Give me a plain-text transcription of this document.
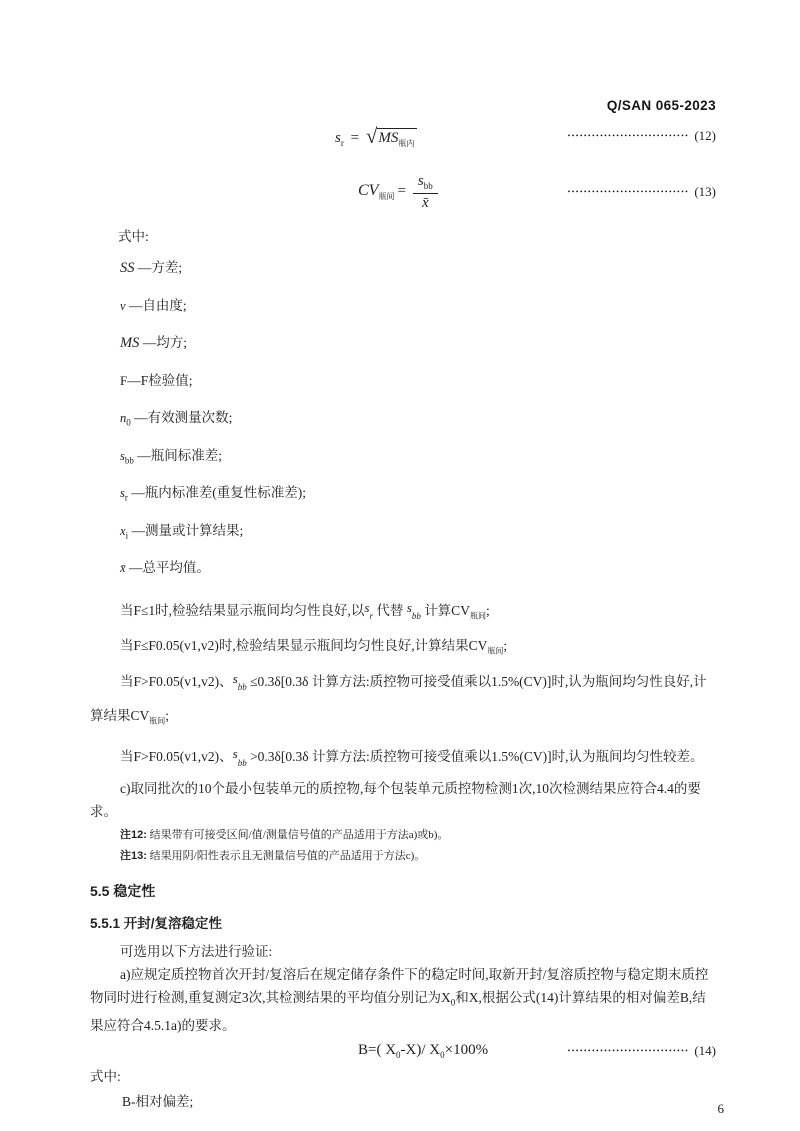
Q/SAN 065-2023
$s_r = √MS_{瓶内}$
•••••••••••••••••••••••••••••• (12)
$CV_{瓶间} = \frac{s_{bb}}{x̄}$	•••••••••••••••••••••••••••••• (13)

式中:

SS —方差;

v —自由度;

MS —均方;

F—F检验值;

$n_0$ —有效测量次数;

$s_{bb}$ —瓶间标准差;

$s_r$ —瓶内标准差(重复性标准差);

$x_i$ —测量或计算结果;

x̄ —总平均值。

当F≤1时,检验结果显示瓶间均匀性良好,以$s_r$ 代替 $s_{bb}$ 计算$CV_{瓶间}$;

当F≤F0.05(v1,v2)时,检验结果显示瓶间均匀性良好,计算结果$CV_{瓶间}$;

当F>F0.05(v1,v2)、$s_{bb} \le 0.3\delta[0.3\delta$ 计算方法:质控物可接受值乘以1.5%(CV)]时,认为瓶间均匀性良好,计算结果$CV_{瓶间}$;

当F>F0.05(v1,v2)、$s_{bb} >0.3\delta[0.3\delta$ 计算方法:质控物可接受值乘以1.5%(CV)]时,认为瓶间均匀性较差。

c)取同批次的10个最小包装单元的质控物,每个包装单元质控物检测1次,10次检测结果应符合4.4的要求。

注12: 结果带有可接受区间/值/测量信号值的产品适用于方法a)或b)。

注13: 结果用阴/阳性表示且无测量信号值的产品适用于方法c)。

5.5 稳定性

5.5.1 开封/复溶稳定性

可选用以下方法进行验证:

a)应规定质控物首次开封/复溶后在规定储存条件下的稳定时间,取新开封/复溶质控物与稳定期末质控物同时进行检测,重复测定3次,其检测结果的平均值分别记为$X_0$和X,根据公式(14)计算结果的相对偏差B,结果应符合4.5.1a)的要求。

B=( $X_0-X)/$ $X_0\times 100\%$	•••••••••••••••••••••••••••••• (14)

式中:

B-相对偏差;	6
